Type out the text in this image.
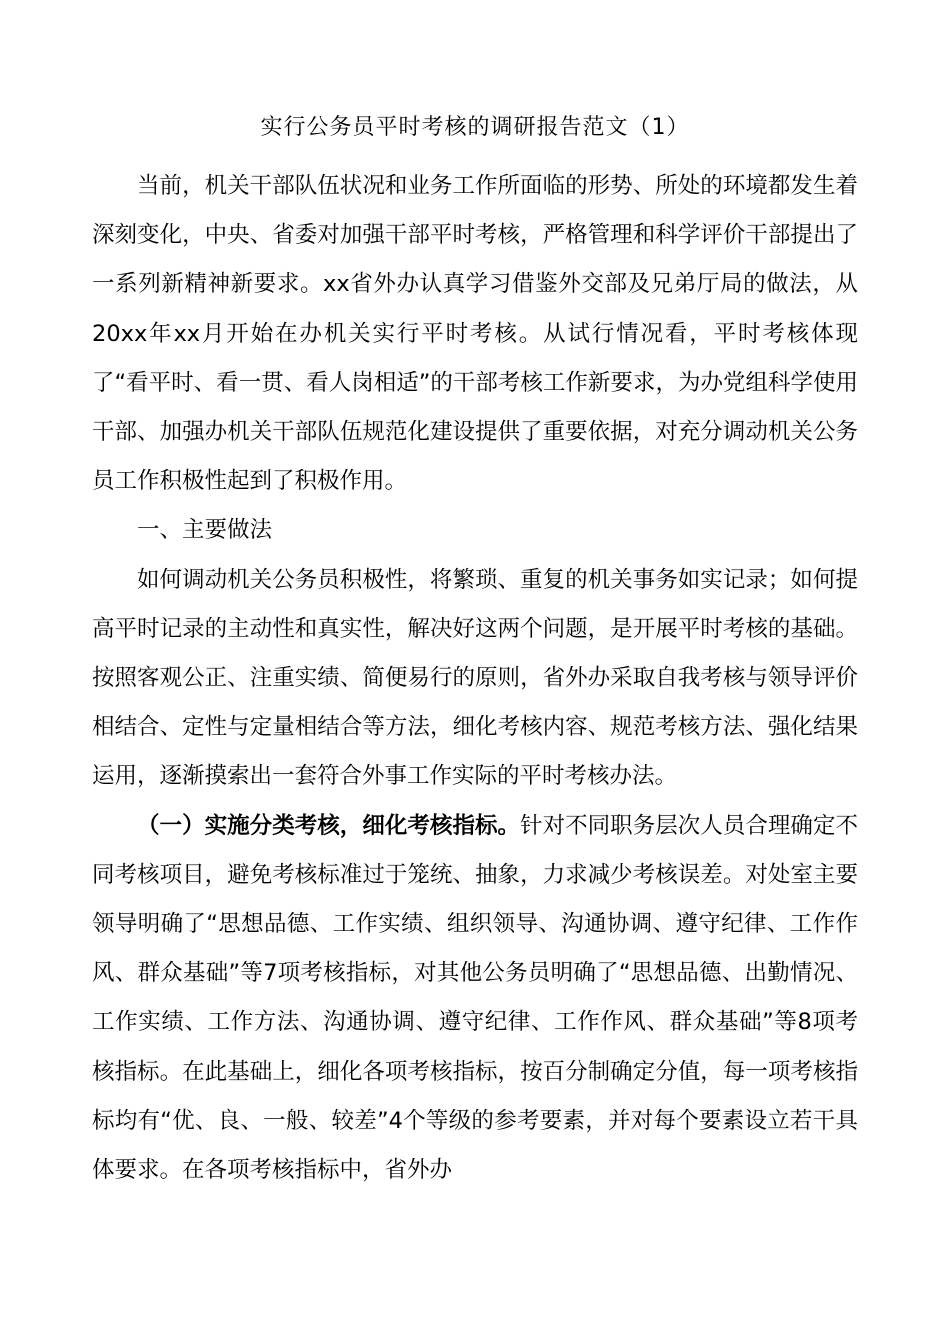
实行公务员平时考核的调研报告范文（1）

当前，机关干部队伍状况和业务工作所面临的形势、所处的环境都发生着深刻变化，中央、省委对加强干部平时考核，严格管理和科学评价干部提出了一系列新精神新要求。xx省外办认真学习借鉴外交部及兄弟厅局的做法，从20xx年xx月开始在办机关实行平时考核。从试行情况看，平时考核体现了“看平时、看一贯、看人岗相适”的干部考核工作新要求，为办党组科学使用干部、加强办机关干部队伍规范化建设提供了重要依据，对充分调动机关公务员工作积极性起到了积极作用。

一、主要做法

如何调动机关公务员积极性，将繁琐、重复的机关事务如实记录；如何提高平时记录的主动性和真实性，解决好这两个问题，是开展平时考核的基础。按照客观公正、注重实绩、简便易行的原则，省外办采取自我考核与领导评价相结合、定性与定量相结合等方法，细化考核内容、规范考核方法、强化结果运用，逐渐摸索出一套符合外事工作实际的平时考核办法。

（一）实施分类考核，细化考核指标。针对不同职务层次人员合理确定不同考核项目，避免考核标准过于笼统、抽象，力求减少考核误差。对处室主要领导明确了“思想品德、工作实绩、组织领导、沟通协调、遵守纪律、工作作风、群众基础”等7项考核指标，对其他公务员明确了“思想品德、出勤情况、工作实绩、工作方法、沟通协调、遵守纪律、工作作风、群众基础”等8项考核指标。在此基础上，细化各项考核指标，按百分制确定分值，每一项考核指标均有“优、良、一般、较差”4个等级的参考要素，并对每个要素设立若干具体要求。在各项考核指标中，省外办
